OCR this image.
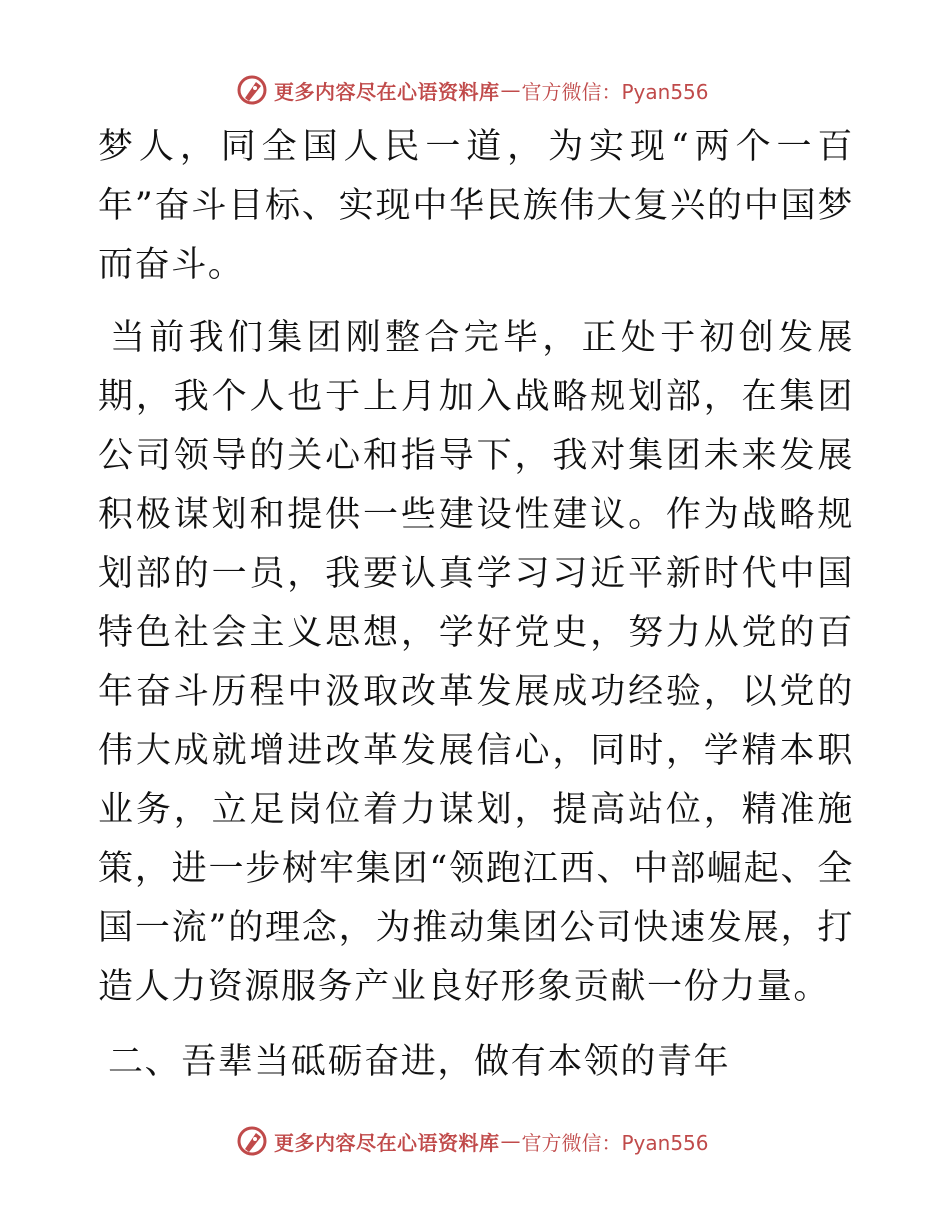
更多内容尽在心语资料库 — 官方微信：Pyan556

梦人，同全国人民一道，为实现“两个一百年”奋斗目标、实现中华民族伟大复兴的中国梦而奋斗。

当前我们集团刚整合完毕，正处于初创发展期，我个人也于上月加入战略规划部，在集团公司领导的关心和指导下，我对集团未来发展积极谋划和提供一些建设性建议。作为战略规划部的一员，我要认真学习习近平新时代中国特色社会主义思想，学好党史，努力从党的百年奋斗历程中汲取改革发展成功经验，以党的伟大成就增进改革发展信心，同时，学精本职业务，立足岗位着力谋划，提高站位，精准施策，进一步树牢集团“领跑江西、中部崛起、全国一流”的理念，为推动集团公司快速发展，打造人力资源服务产业良好形象贡献一份力量。

二、吾辈当砥砺奋进，做有本领的青年

更多内容尽在心语资料库 — 官方微信：Pyan556
